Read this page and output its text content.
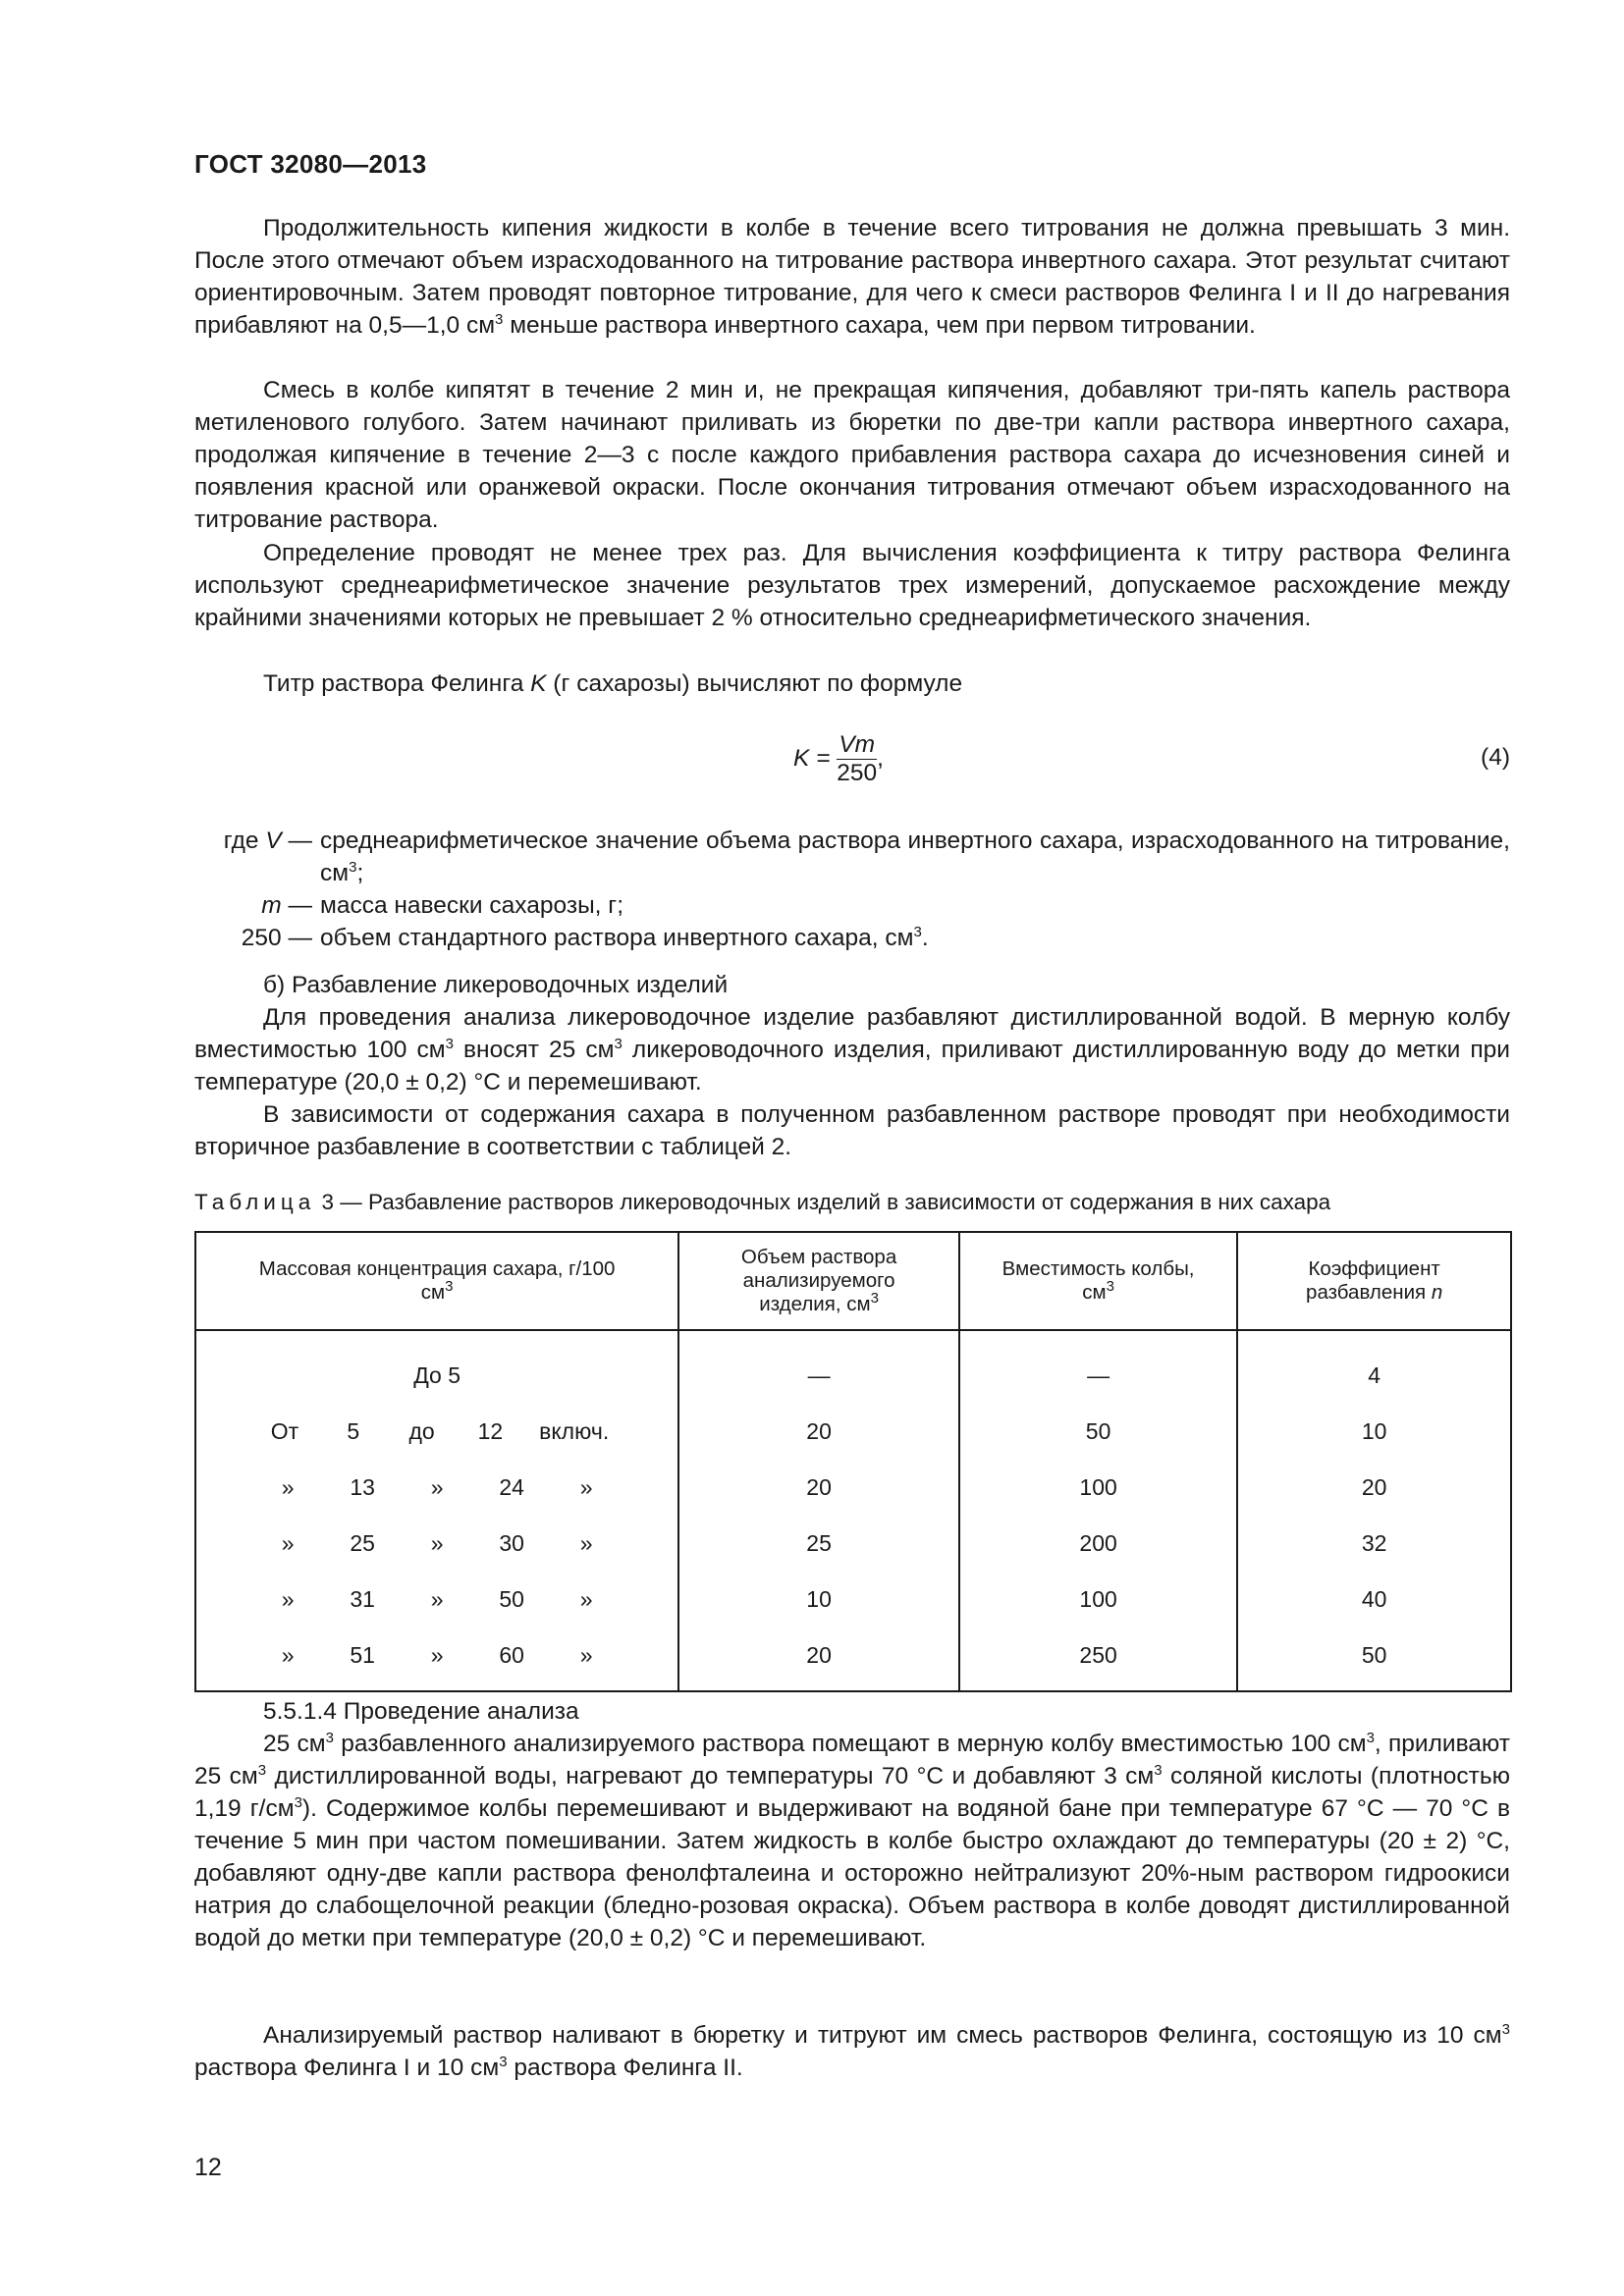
ГОСТ 32080—2013
Продолжительность кипения жидкости в колбе в течение всего титрования не должна превышать 3 мин. После этого отмечают объем израсходованного на титрование раствора инвертного сахара. Этот результат считают ориентировочным. Затем проводят повторное титрование, для чего к смеси растворов Фелинга I и II до нагревания прибавляют на 0,5—1,0 $см^3$ меньше раствора инвертного сахара, чем при первом титровании.
Смесь в колбе кипятят в течение 2 мин и, не прекращая кипячения, добавляют три-пять капель раствора метиленового голубого. Затем начинают приливать из бюретки по две-три капли раствора инвертного сахара, продолжая кипячение в течение 2—3 с после каждого прибавления раствора сахара до исчезновения синей и появления красной или оранжевой окраски. После окончания титрования отмечают объем израсходованного на титрование раствора.
Определение проводят не менее трех раз. Для вычисления коэффициента к титру раствора Фелинга используют среднеарифметическое значение результатов трех измерений, допускаемое расхождение между крайними значениями которых не превышает 2 % относительно среднеарифметического значения.
Титр раствора Фелинга K (г сахарозы) вычисляют по формуле
$K = \frac{Vm}{250}$ ,	(4)
где V — среднеарифметическое значение объема раствора инвертного сахара, израсходованного на титрование, $см^3$;
m — масса навески сахарозы, г;
250 — объем стандартного раствора инвертного сахара, $см^3$.
б) Разбавление ликероводочных изделий
Для проведения анализа ликероводочное изделие разбавляют дистиллированной водой. В мерную колбу вместимостью 100 $см^3$ вносят 25 $см^3$ ликероводочного изделия, приливают дистиллированную воду до метки при температуре (20,0 ± 0,2) °С и перемешивают.
В зависимости от содержания сахара в полученном разбавленном растворе проводят при необходимости вторичное разбавление в соответствии с таблицей 2.
Таблица 3 — Разбавление растворов ликероводочных изделий в зависимости от содержания в них сахара
Массовая концентрация сахара, г/100 $см^3$	Объем раствора анализируемого изделия, $см^3$	Вместимость колбы, $см^3$	Коэффициент разбавления n
До 5	—	—	4

От 5 до 12 включ.	20	50	10

» 13 » 24 »	20	100	20

» 25 » 30 »	25	200	32

» 31 » 50 »	10	100	40

» 51 » 60 »	20	250	50
5.5.1.4 Проведение анализа
25 $см^3$ разбавленного анализируемого раствора помещают в мерную колбу вместимостью 100 $см^3$, приливают 25 $см^3$ дистиллированной воды, нагревают до температуры 70 °С и добавляют 3 $см^3$ соляной кислоты (плотностью 1,19 $г/см^3$). Содержимое колбы перемешивают и выдерживают на водяной бане при температуре 67 °С — 70 °С в течение 5 мин при частом помешивании. Затем жидкость в колбе быстро охлаждают до температуры (20 ± 2) °С, добавляют одну-две капли раствора фенолфталеина и осторожно нейтрализуют 20%-ным раствором гидроокиси натрия до слабощелочной реакции (бледно-розовая окраска). Объем раствора в колбе доводят дистиллированной водой до метки при температуре (20,0 ± 0,2) °С и перемешивают.
Анализируемый раствор наливают в бюретку и титруют им смесь растворов Фелинга, состоящую из 10 $см^3$ раствора Фелинга I и 10 $см^3$ раствора Фелинга II.
12
